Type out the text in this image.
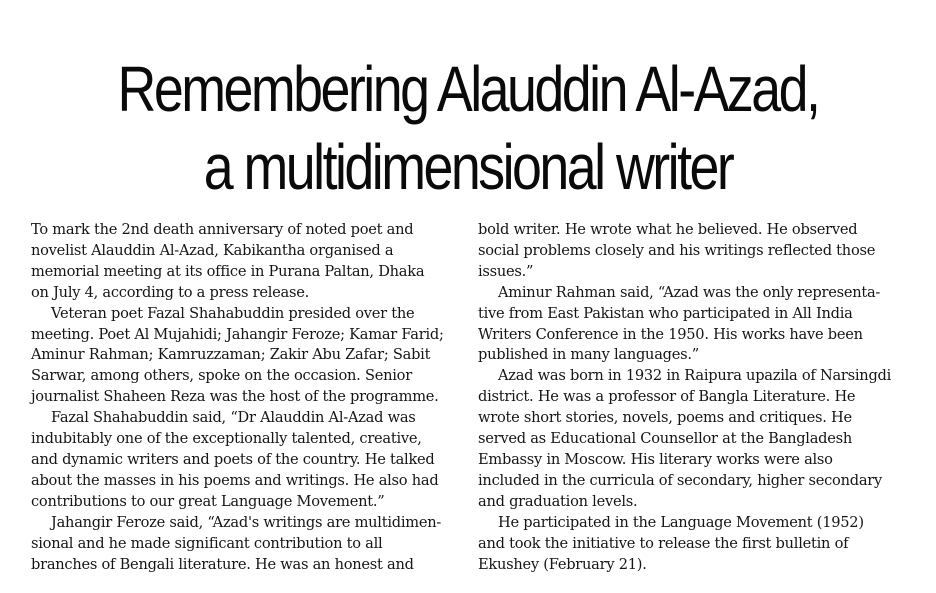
Remembering Alauddin Al-Azad,
a multidimensional writer

To mark the 2nd death anniversary of noted poet and

novelist Alauddin Al-Azad, Kabikantha organised a

memorial meeting at its office in Purana Paltan, Dhaka

on July 4, according to a press release.

Veteran poet Fazal Shahabuddin presided over the

meeting. Poet Al Mujahidi; Jahangir Feroze; Kamar Farid;

Aminur Rahman; Kamruzzaman; Zakir Abu Zafar; Sabit

Sarwar, among others, spoke on the occasion. Senior

journalist Shaheen Reza was the host of the programme.

Fazal Shahabuddin said, “Dr Alauddin Al-Azad was

indubitably one of the exceptionally talented, creative,

and dynamic writers and poets of the country. He talked

about the masses in his poems and writings. He also had

contributions to our great Language Movement.”

Jahangir Feroze said, “Azad's writings are multidimen-

sional and he made significant contribution to all

branches of Bengali literature. He was an honest and

bold writer. He wrote what he believed. He observed

social problems closely and his writings reflected those

issues.”

Aminur Rahman said, “Azad was the only representa-

tive from East Pakistan who participated in All India

Writers Conference in the 1950. His works have been

published in many languages.”

Azad was born in 1932 in Raipura upazila of Narsingdi

district. He was a professor of Bangla Literature. He

wrote short stories, novels, poems and critiques. He

served as Educational Counsellor at the Bangladesh

Embassy in Moscow. His literary works were also

included in the curricula of secondary, higher secondary

and graduation levels.

He participated in the Language Movement (1952)

and took the initiative to release the first bulletin of

Ekushey (February 21).
